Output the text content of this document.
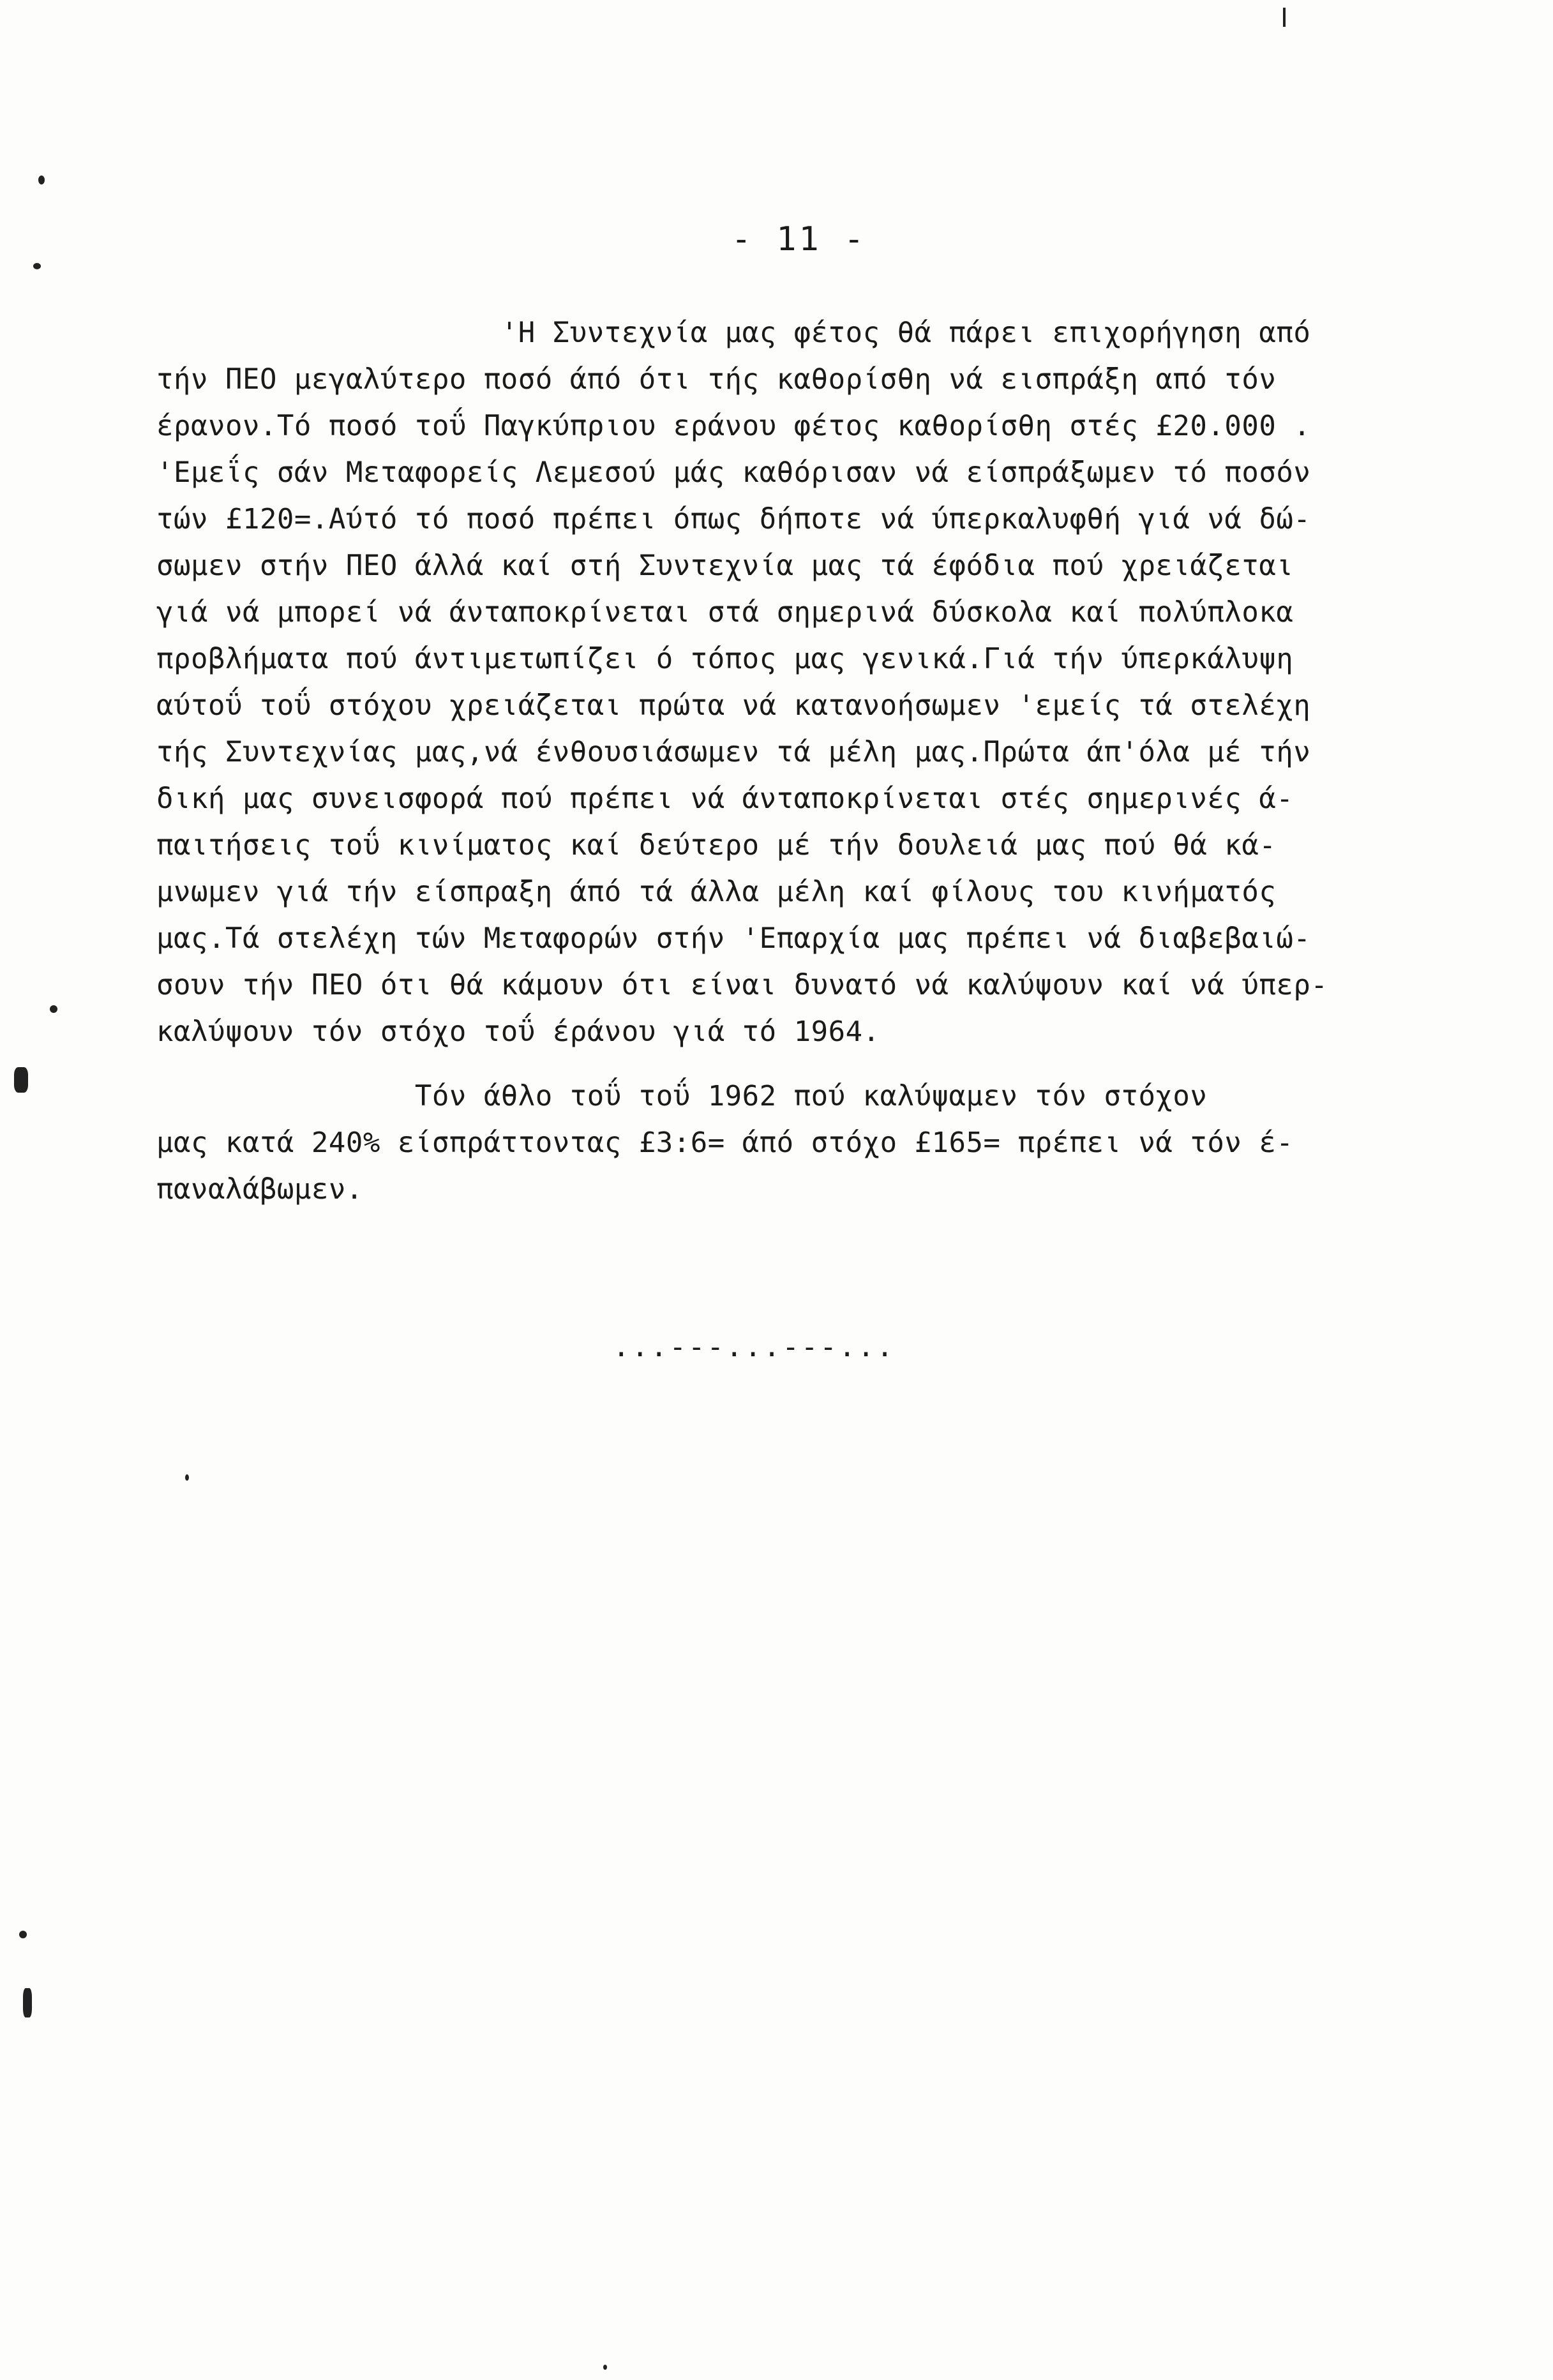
- 11 -
'Η Συντεχνία μας φέτος θά πάρει επιχορήγηση από
τήν ΠΕΟ μεγαλύτερο ποσό άπό ότι τής καθορίσθη νά εισπράξη από τόν
έρανον.Τό ποσό τοΰ Παγκύπριου εράνου φέτος καθορίσθη στές £20.000 .
'Εμεΐς σάν Μεταφορείς Λεμεσού μάς καθόρισαν νά είσπράξωμεν τό ποσόν
τών £120=.Αύτό τό ποσό πρέπει όπως δήποτε νά ύπερκαλυφθή γιά νά δώ-
σωμεν στήν ΠΕΟ άλλά καί στή Συντεχνία μας τά έφόδια πού χρειάζεται
γιά νά μπορεί νά άνταποκρίνεται στά σημερινά δύσκολα καί πολύπλοκα
προβλήματα πού άντιμετωπίζει ό τόπος μας γενικά.Γιά τήν ύπερκάλυψη
αύτοΰ τοΰ στόχου χρειάζεται πρώτα νά κατανοήσωμεν 'εμείς τά στελέχη
τής Συντεχνίας μας,νά ένθουσιάσωμεν τά μέλη μας.Πρώτα άπ'όλα μέ τήν
δική μας συνεισφορά πού πρέπει νά άνταποκρίνεται στές σημερινές ά-
παιτήσεις τοΰ κινίματος καί δεύτερο μέ τήν δουλειά μας πού θά κά-
μνωμεν γιά τήν είσπραξη άπό τά άλλα μέλη καί φίλους του κινήματός
μας.Τά στελέχη τών Μεταφορών στήν 'Επαρχία μας πρέπει νά διαβεβαιώ-
σουν τήν ΠΕΟ ότι θά κάμουν ότι είναι δυνατό νά καλύψουν καί νά ύπερ-
καλύψουν τόν στόχο τοΰ έράνου γιά τό 1964.
Τόν άθλο τοΰ τοΰ 1962 πού καλύψαμεν τόν στόχον
μας κατά 240% είσπράττοντας £3:6= άπό στόχο £165= πρέπει νά τόν έ-
παναλάβωμεν.
...---...---...
